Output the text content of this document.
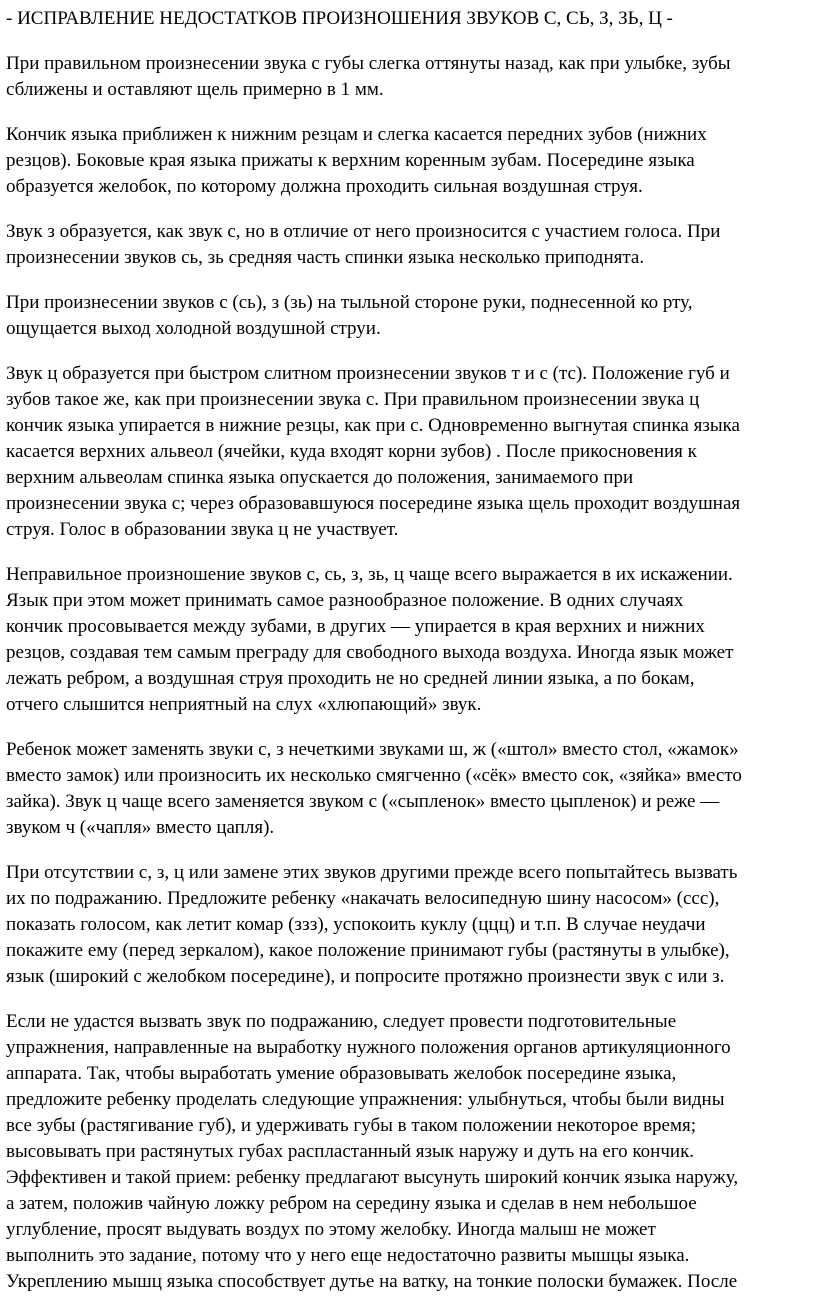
- ИСПРАВЛЕНИЕ НЕДОСТАТКОВ ПРОИЗНОШЕНИЯ ЗВУКОВ С, СЬ, З, ЗЬ, Ц -
При правильном произнесении звука с губы слегка оттянуты назад, как при улыбке, зубы
сближены и оставляют щель примерно в 1 мм.
Кончик языка приближен к нижним резцам и слегка касается передних зубов (нижних
резцов). Боковые края языка прижаты к верхним коренным зубам. Посередине языка
образуется желобок, по которому должна проходить сильная воздушная струя.
Звук з образуется, как звук с, но в отличие от него произносится с участием голоса. При
произнесении звуков сь, зь средняя часть спинки языка несколько приподнята.
При произнесении звуков с (сь), з (зь) на тыльной стороне руки, поднесенной ко рту,
ощущается выход холодной воздушной струи.
Звук ц образуется при быстром слитном произнесении звуков т и с (тс). Положение губ и
зубов такое же, как при произнесении звука с. При правильном произнесении звука ц
кончик языка упирается в нижние резцы, как при с. Одновременно выгнутая спинка языка
касается верхних альвеол (ячейки, куда входят корни зубов) . После прикосновения к
верхним альвеолам спинка языка опускается до положения, занимаемого при
произнесении звука с; через образовавшуюся посередине языка щель проходит воздушная
струя. Голос в образовании звука ц не участвует.
Неправильное произношение звуков с, сь, з, зь, ц чаще всего выражается в их искажении.
Язык при этом может принимать самое разнообразное положение. В одних случаях
кончик просовывается между зубами, в других — упирается в края верхних и нижних
резцов, создавая тем самым преграду для свободного выхода воздуха. Иногда язык может
лежать ребром, а воздушная струя проходить не но средней линии языка, а по бокам,
отчего слышится неприятный на слух «хлюпающий» звук.
Ребенок может заменять звуки с, з нечеткими звуками ш, ж («штол» вместо стол, «жамок»
вместо замок) или произносить их несколько смягченно («сёк» вместо сок, «зяйка» вместо
зайка). Звук ц чаще всего заменяется звуком с («сыпленок» вместо цыпленок) и реже —
звуком ч («чапля» вместо цапля).
При отсутствии с, з, ц или замене этих звуков другими прежде всего попытайтесь вызвать
их по подражанию. Предложите ребенку «накачать велосипедную шину насосом» (ссс),
показать голосом, как летит комар (ззз), успокоить куклу (ццц) и т.п. В случае неудачи
покажите ему (перед зеркалом), какое положение принимают губы (растянуты в улыбке),
язык (широкий с желобком посередине), и попросите протяжно произнести звук с или з.
Если не удастся вызвать звук по подражанию, следует провести подготовительные
упражнения, направленные на выработку нужного положения органов артикуляционного
аппарата. Так, чтобы выработать умение образовывать желобок посередине языка,
предложите ребенку проделать следующие упражнения: улыбнуться, чтобы были видны
все зубы (растягивание губ), и удерживать губы в таком положении некоторое время;
высовывать при растянутых губах распластанный язык наружу и дуть на его кончик.
Эффективен и такой прием: ребенку предлагают высунуть широкий кончик языка наружу,
а затем, положив чайную ложку ребром на середину языка и сделав в нем небольшое
углубление, просят выдувать воздух по этому желобку. Иногда малыш не может
выполнить это задание, потому что у него еще недостаточно развиты мышцы языка.
Укреплению мышц языка способствует дутье на ватку, на тонкие полоски бумажек. После
